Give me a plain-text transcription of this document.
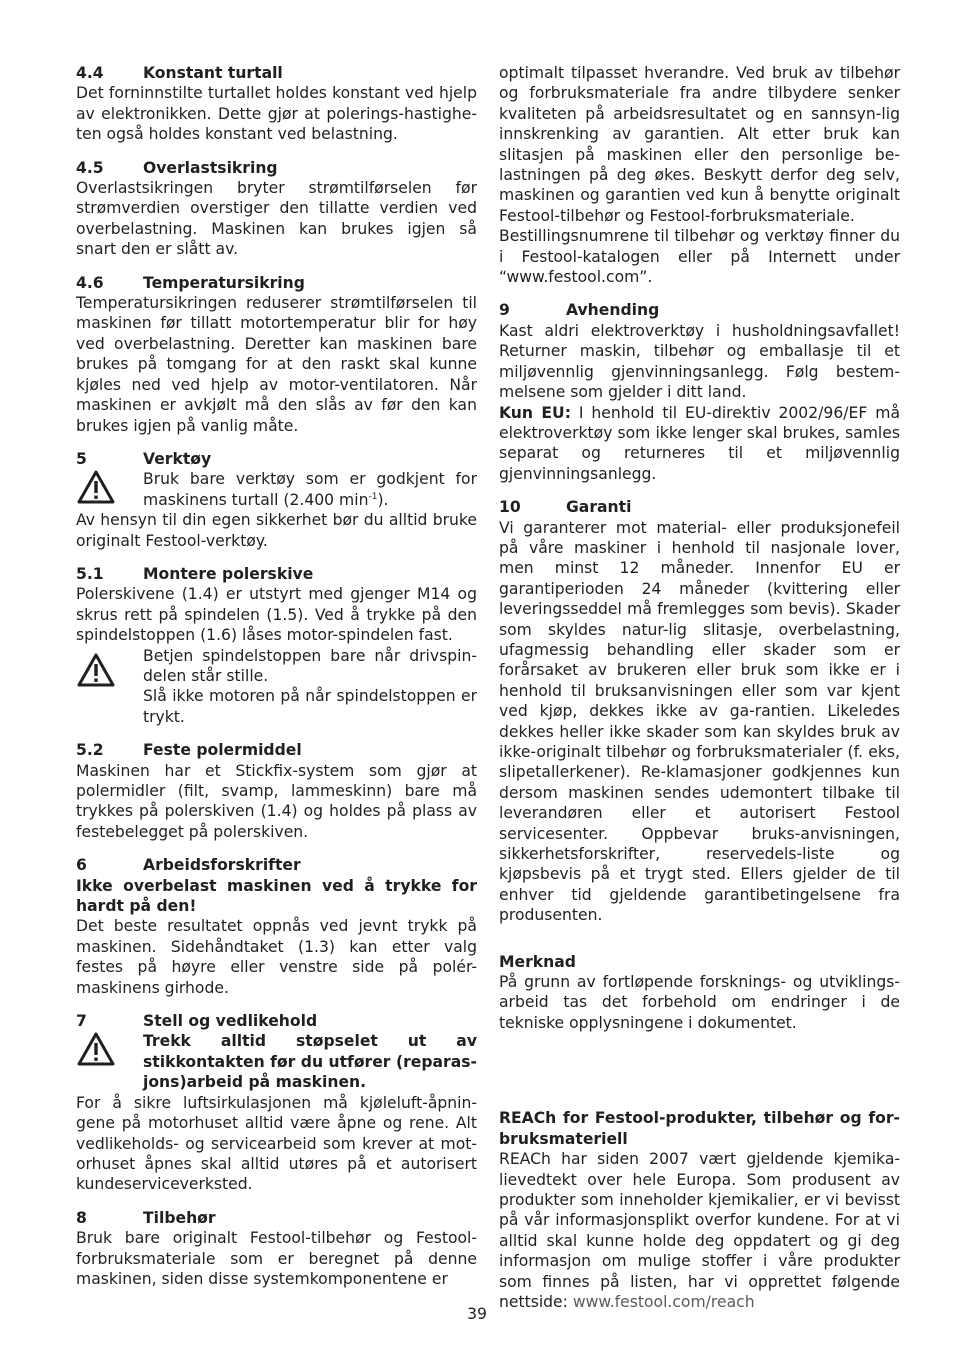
4.4	Konstant turtall

Det forninnstilte turtallet holdes konstant ved hjelp av elektronikken. Dette gjør at polerings-hastighe-ten også holdes konstant ved belastning.

4.5	Overlastsikring

Overlastsikringen bryter strømtilførselen før strømverdien overstiger den tillatte verdien ved overbelastning. Maskinen kan brukes igjen så snart den er slått av.

4.6	Temperatursikring

Temperatursikringen reduserer strømtilførselen til maskinen før tillatt motortemperatur blir for høy ved overbelastning. Deretter kan maskinen bare brukes på tomgang for at den raskt skal kunne kjøles ned ved hjelp av motor-ventilatoren. Når maskinen er avkjølt må den slås av før den kan brukes igjen på vanlig måte.

5	Verktøy

Bruk bare verktøy som er godkjent for maskinens turtall (2.400 $\min^{-1}$).

Av hensyn til din egen sikkerhet bør du alltid bruke originalt Festool-verktøy.

5.1	Montere polerskive

Polerskivene (1.4) er utstyrt med gjenger M14 og skrus rett på spindelen (1.5). Ved å trykke på den spindelstoppen (1.6) låses motor-spindelen fast.

Betjen spindelstoppen bare når drivspin-delen står stille.

Slå ikke motoren på når spindelstoppen er trykt.

5.2	Feste polermiddel

Maskinen har et Stickfix-system som gjør at polermidler (filt, svamp, lammeskinn) bare må trykkes på polerskiven (1.4) og holdes på plass av festebelegget på polerskiven.

6	Arbeidsforskrifter

Ikke overbelast maskinen ved å trykke for hardt på den!

Det beste resultatet oppnås ved jevnt trykk på maskinen. Sidehåndtaket (1.3) kan etter valg festes på høyre eller venstre side på polér-maskinens girhode.

7	Stell og vedlikehold

Trekk alltid støpselet ut av stikkontakten før du utfører (reparas-jons)arbeid på maskinen.

For å sikre luftsirkulasjonen må kjøleluft-åpnin-gene på motorhuset alltid være åpne og rene. Alt vedlikeholds- og servicearbeid som krever at mot-orhuset åpnes skal alltid utøres på et autorisert kundeserviceverksted.

8	Tilbehør

Bruk bare originalt Festool-tilbehør og Festool-forbruksmateriale som er beregnet på denne maskinen, siden disse systemkomponentene er

optimalt tilpasset hverandre. Ved bruk av tilbehør og forbruksmateriale fra andre tilbydere senker kvaliteten på arbeidsresultatet og en sannsyn-lig innskrenking av garantien. Alt etter bruk kan slitasjen på maskinen eller den personlige be-lastningen på deg økes. Beskytt derfor deg selv, maskinen og garantien ved kun å benytte originalt Festool-tilbehør og Festool-forbruksmateriale.

Bestillingsnumrene til tilbehør og verktøy finner du i Festool-katalogen eller på Internett under “www.festool.com”.

9	Avhending

Kast aldri elektroverktøy i husholdningsavfallet! Returner maskin, tilbehør og emballasje til et miljøvennlig gjenvinningsanlegg. Følg bestem-melsene som gjelder i ditt land.

Kun EU: I henhold til EU-direktiv 2002/96/EF må elektroverktøy som ikke lenger skal brukes, samles separat og returneres til et miljøvennlig gjenvinningsanlegg.

10	Garanti

Vi garanterer mot material- eller produksjonefeil på våre maskiner i henhold til nasjonale lover, men minst 12 måneder. Innenfor EU er garantiperioden 24 måneder (kvittering eller leveringsseddel må fremlegges som bevis). Skader som skyldes natur-lig slitasje, overbelastning, ufagmessig behandling eller skader som er forårsaket av brukeren eller bruk som ikke er i henhold til bruksanvisningen eller som var kjent ved kjøp, dekkes ikke av ga-rantien. Likeledes dekkes heller ikke skader som kan skyldes bruk av ikke-originalt tilbehør og forbruksmaterialer (f. eks, slipetallerkener). Re-klamasjoner godkjennes kun dersom maskinen sendes udemontert tilbake til leverandøren eller et autorisert Festool servicesenter. Oppbevar bruks-anvisningen, sikkerhetsforskrifter, reservedels-liste og kjøpsbevis på et trygt sted. Ellers gjelder de til enhver tid gjeldende garantibetingelsene fra produsenten.

Merknad

På grunn av fortløpende forsknings- og utviklings-arbeid tas det forbehold om endringer i de tekniske opplysningene i dokumentet.

REACh for Festool-produkter, tilbehør og for-bruksmateriell

REACh har siden 2007 vært gjeldende kjemika-lievedtekt over hele Europa. Som produsent av produkter som inneholder kjemikalier, er vi bevisst på vår informasjonsplikt overfor kundene. For at vi alltid skal kunne holde deg oppdatert og gi deg informasjon om mulige stoffer i våre produkter som finnes på listen, har vi opprettet følgende nettside: www.festool.com/reach

39
